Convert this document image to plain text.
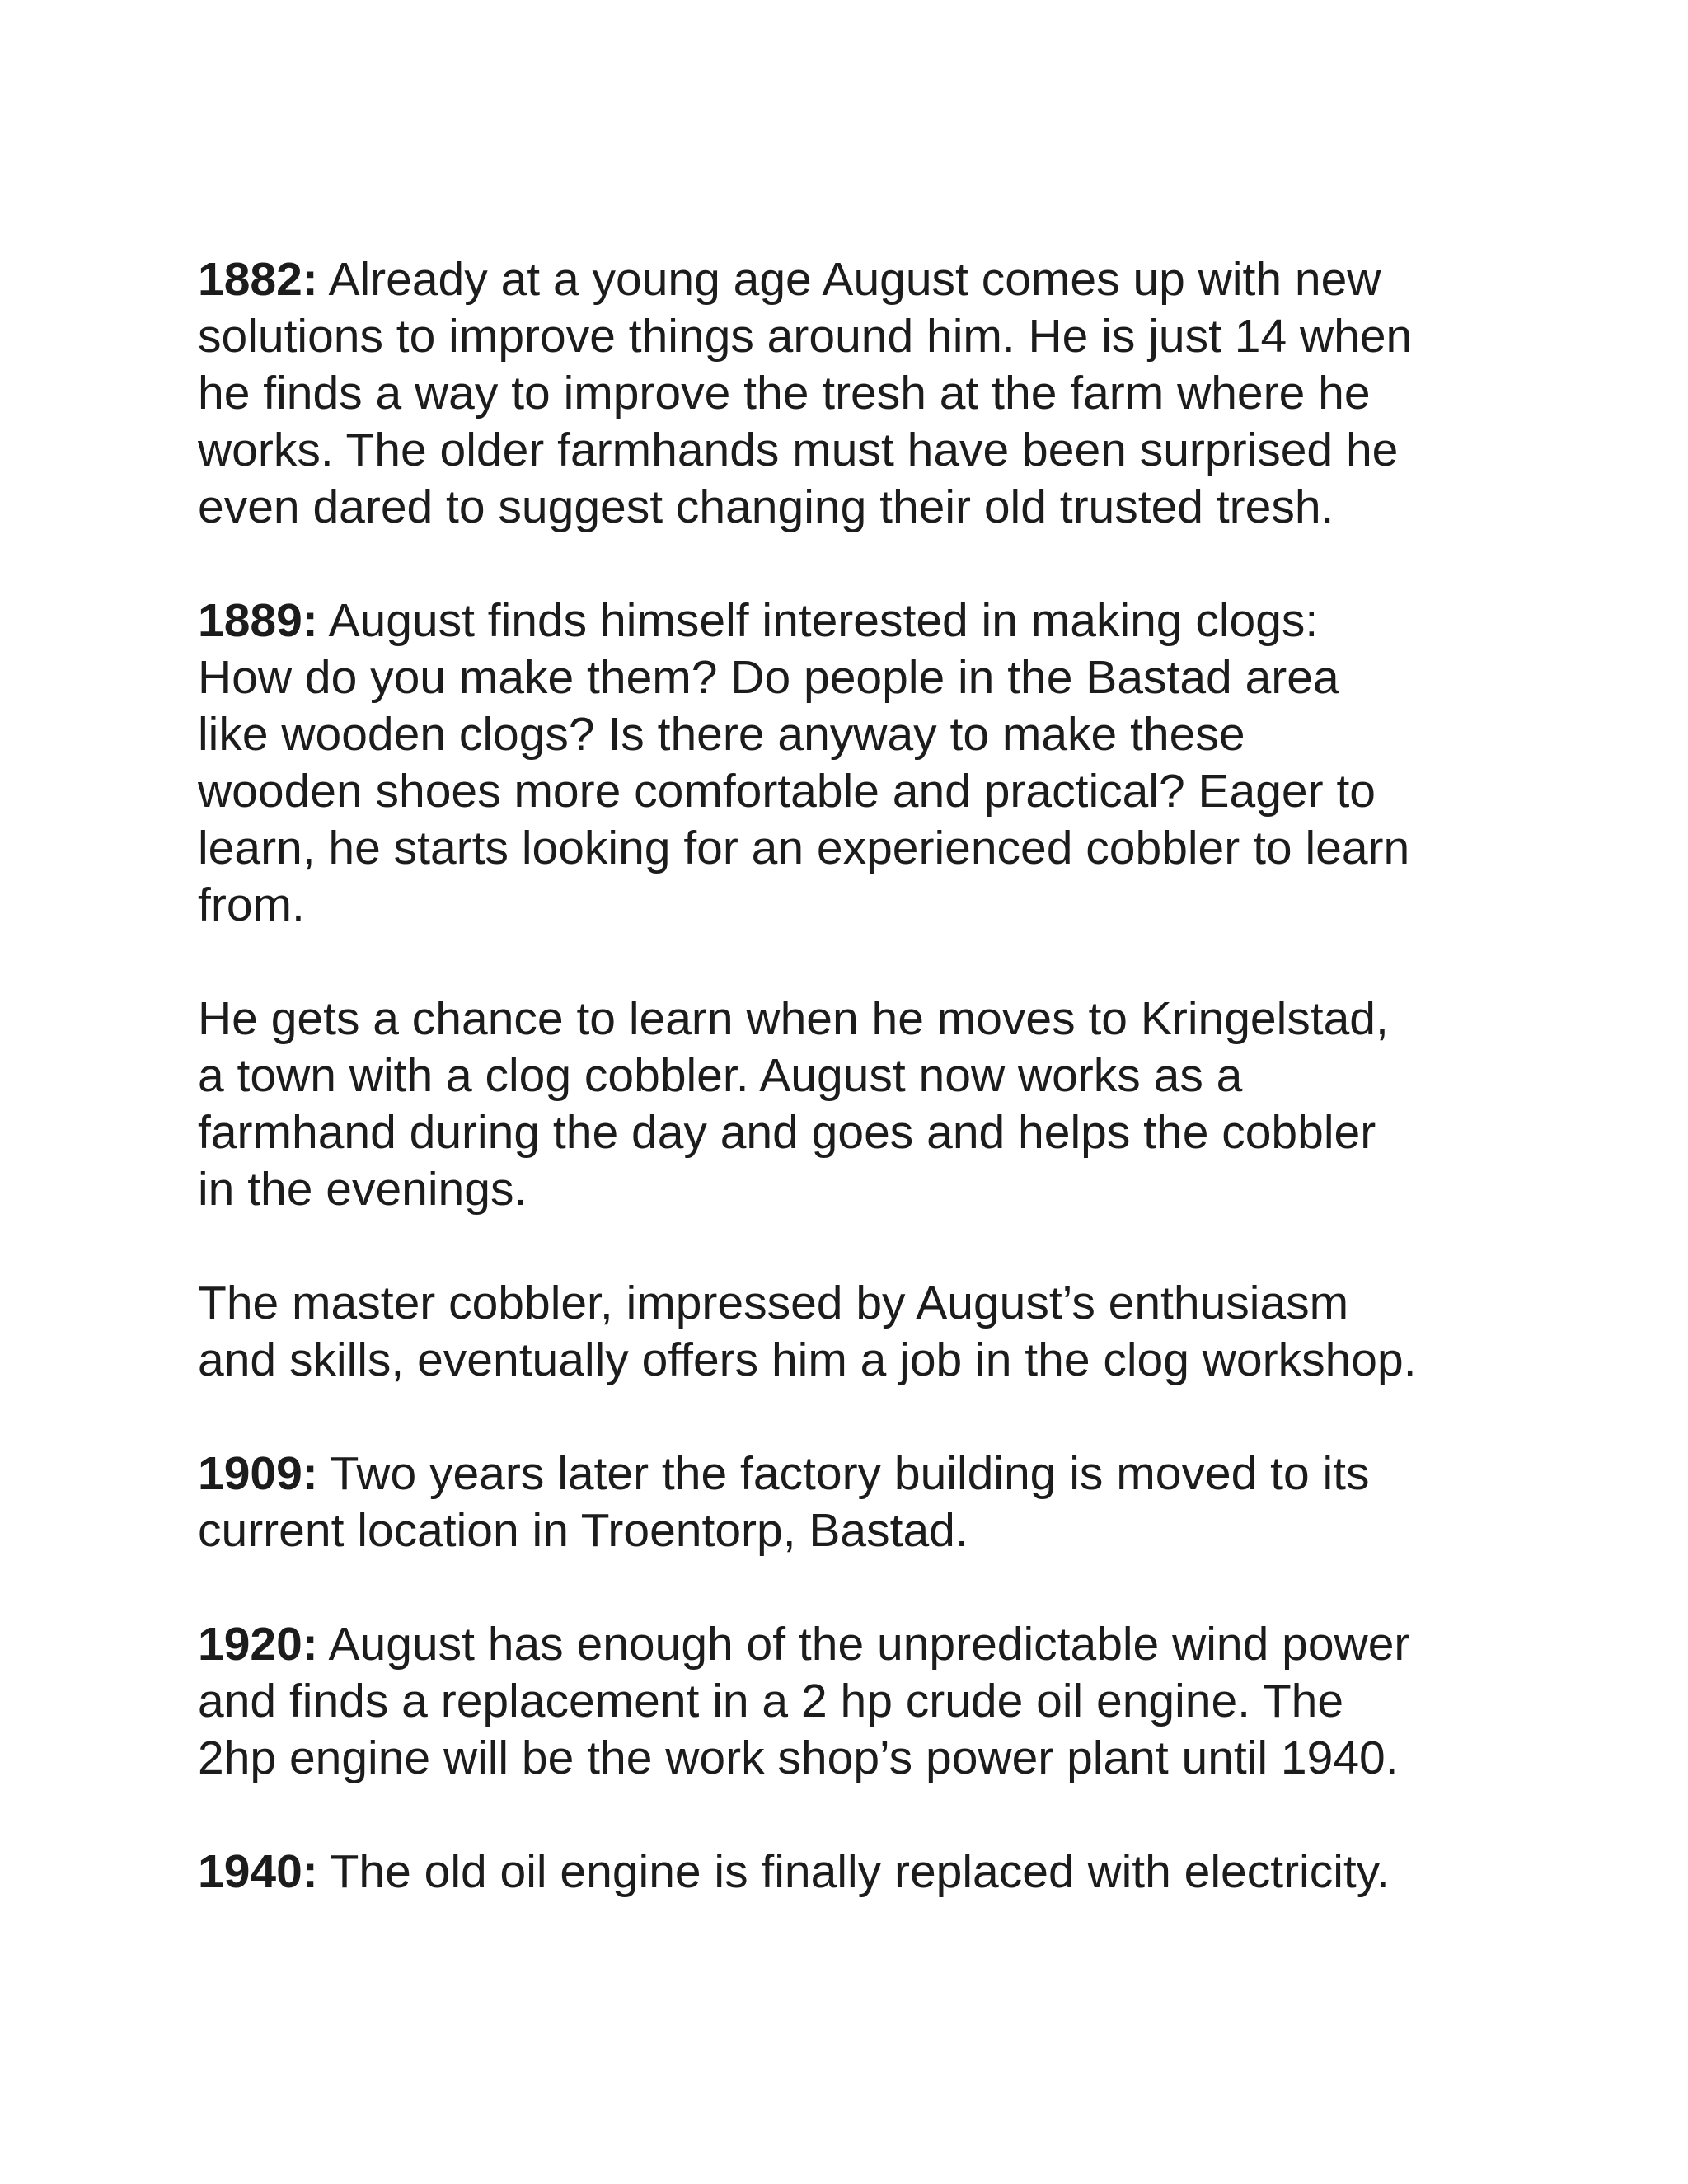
1882: Already at a young age August comes up with new
solutions to improve things around him. He is just 14 when
he finds a way to improve the tresh at the farm where he
works. The older farmhands must have been surprised he
even dared to suggest changing their old trusted tresh.

1889: August finds himself interested in making clogs:
How do you make them? Do people in the Bastad area
like wooden clogs? Is there anyway to make these
wooden shoes more comfortable and practical? Eager to
learn, he starts looking for an experienced cobbler to learn
from.

He gets a chance to learn when he moves to Kringelstad,
a town with a clog cobbler. August now works as a
farmhand during the day and goes and helps the cobbler
in the evenings.

The master cobbler, impressed by August’s enthusiasm
and skills, eventually offers him a job in the clog workshop.

1909: Two years later the factory building is moved to its
current location in Troentorp, Bastad.

1920: August has enough of the unpredictable wind power
and finds a replacement in a 2 hp crude oil engine. The
2hp engine will be the work shop’s power plant until 1940.

1940: The old oil engine is finally replaced with electricity.
